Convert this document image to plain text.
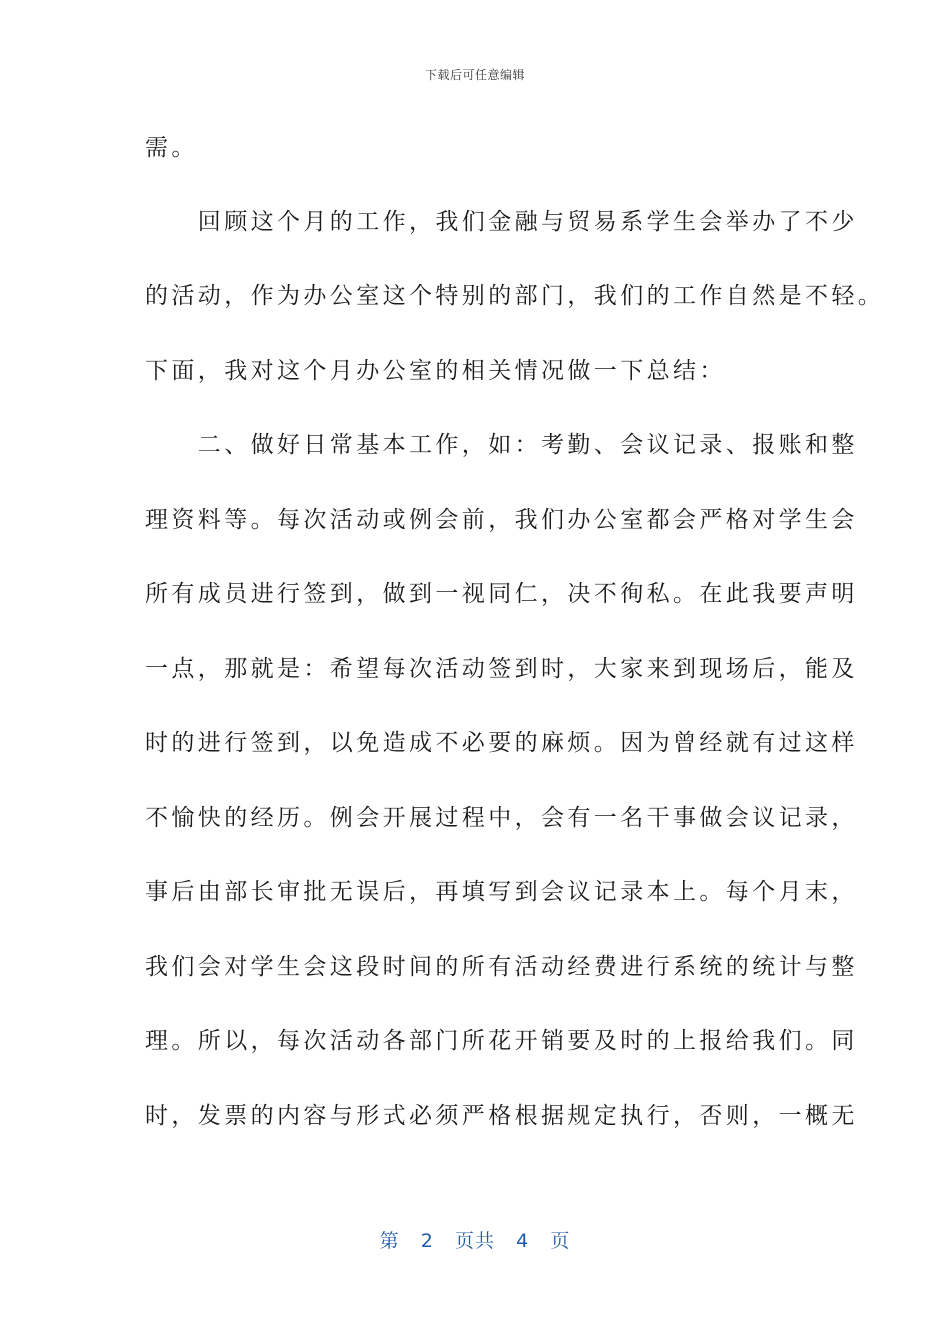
下载后可任意编辑

需。

　　回顾这个月的工作，我们金融与贸易系学生会举办了不少

的活动，作为办公室这个特别的部门，我们的工作自然是不轻。

下面，我对这个月办公室的相关情况做一下总结：

　　二、做好日常基本工作，如：考勤、会议记录、报账和整

理资料等。每次活动或例会前，我们办公室都会严格对学生会

所有成员进行签到，做到一视同仁，决不徇私。在此我要声明

一点，那就是：希望每次活动签到时，大家来到现场后，能及

时的进行签到，以免造成不必要的麻烦。因为曾经就有过这样

不愉快的经历。例会开展过程中，会有一名干事做会议记录，

事后由部长审批无误后，再填写到会议记录本上。每个月末，

我们会对学生会这段时间的所有活动经费进行系统的统计与整

理。所以，每次活动各部门所花开销要及时的上报给我们。同

时，发票的内容与形式必须严格根据规定执行，否则，一概无

第 2 页共 4 页
